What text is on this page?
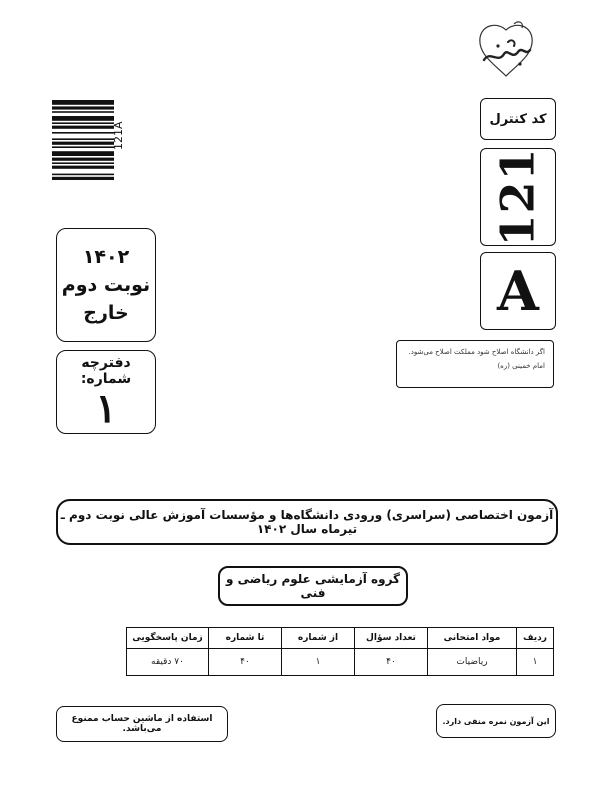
121A
کد کنترل
121
A
اگر دانشگاه اصلاح شود مملکت اصلاح می‌شود.
امام خمینی (ره)
۱۴۰۲
نوبت دوم
خارج
دفترچه شماره:
۱
آزمون اختصاصی (سراسری) ورودی دانشگاه‌ها و مؤسسات آموزش عالی نوبت دوم ـ تیرماه سال ۱۴۰۲
گروه آزمایشی علوم ریاضی و فنی
ردیف	مواد امتحانی	تعداد سؤال	از شماره	تا شماره	زمان پاسخگویی
۱	ریاضیات	۴۰	۱	۴۰	۷۰ دقیقه
این آزمون نمره منفی دارد.
استفاده از ماشین حساب ممنوع می‌باشد.
